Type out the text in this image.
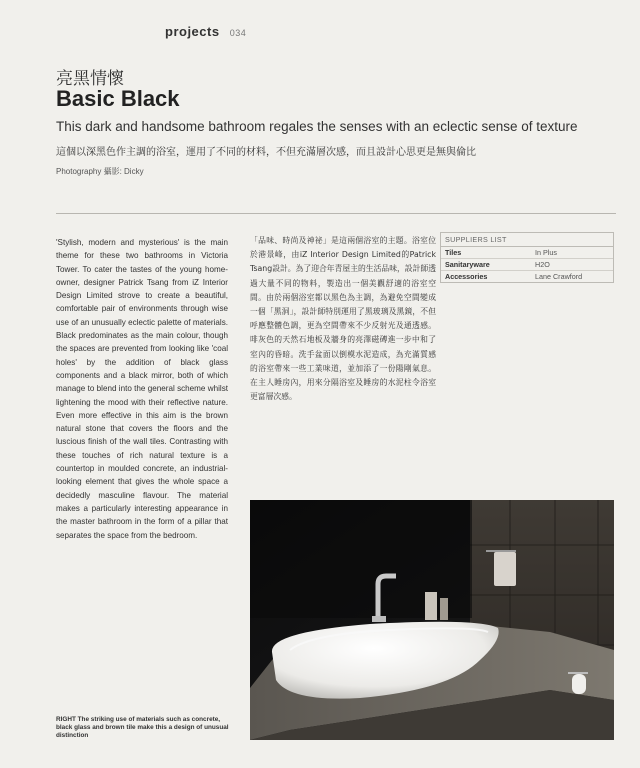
projects 034
亮黑情懷
Basic Black
This dark and handsome bathroom regales the senses with an eclectic sense of texture
這個以深黑色作主調的浴室，運用了不同的材料，不但充滿層次感，而且設計心思更是無與倫比
Photography 攝影: Dicky
'Stylish, modern and mysterious' is the main theme for these two bathrooms in Victoria Tower. To cater the tastes of the young home-owner, designer Patrick Tsang from iZ Interior Design Limited strove to create a beautiful, comfortable pair of environments through wise use of an unusually eclectic palette of materials. Black predominates as the main colour, though the spaces are prevented from looking like 'coal holes' by the addition of black glass components and a black mirror, both of which manage to blend into the general scheme whilst lightening the mood with their reflective nature. Even more effective in this aim is the brown natural stone that covers the floors and the luscious finish of the wall tiles. Contrasting with these touches of rich natural texture is a countertop in moulded concrete, an industrial-looking element that gives the whole space a decidedly masculine flavour. The material makes a particularly interesting appearance in the master bathroom in the form of a pillar that separates the space from the bedroom.
「品味、時尚及神祕」是這兩個浴室的主題。浴室位於港景峰，由iZ Interior Design Limited的Patrick Tsang設計。為了迎合年青屋主的生活品味，設計師透過大量不同的物料，製造出一個美觀舒適的浴室空間。由於兩個浴室都以黑色為主調，為避免空間變成一個「黑洞」，設計師特別運用了黑玻璃及黑鏡，不但呼應整體色調，更為空間帶來不少反射光及通透感。啡灰色的天然石地板及牆身的亮澤磁磚進一步中和了室內的昏暗。洗手盆面以倒模水泥造成，為充滿質感的浴室帶來一些工業味道，並加添了一份陽剛氣息。在主人睡房內，用來分隔浴室及睡房的水泥柱令浴室更富層次感。
SUPPLIERS LIST
Tiles	In Plus
Sanitaryware	H2O
Accessories	Lane Crawford
RIGHT The striking use of materials such as concrete, black glass and brown tile make this a design of unusual distinction
